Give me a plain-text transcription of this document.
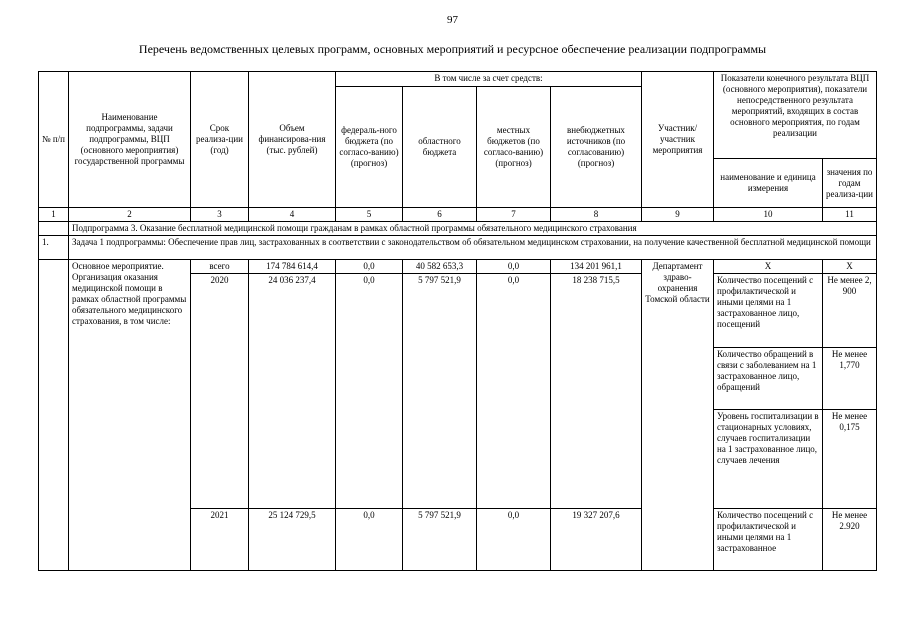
97
Перечень ведомственных целевых программ, основных мероприятий и ресурсное обеспечение реализации подпрограммы
№ п/п	Наименование подпрограммы, задачи подпрограммы, ВЦП (основного мероприятия) государственной программы	Срок реализа-ции (год)	Объем финансирова-ния (тыс. рублей)	В том числе за счет средств:				Участник/ участник мероприятия	Показатели конечного результата ВЦП (основного мероприятия), показатели непосредственного результата мероприятий, входящих в состав основного мероприятия, по годам реализации	
				федераль-ного бюджета (по согласо-ванию) (прогноз)	областного бюджета	местных бюджетов (по согласо-ванию) (прогноз)	внебюджетных источников (по согласованию) (прогноз)			
									наименование и единица измерения	значения по годам реализа-ции
1	2	3	4	5	6	7	8	9	10	11
	Подпрограмма 3. Оказание бесплатной медицинской помощи гражданам в рамках областной программы обязательного медицинского страхования									
1.	Задача 1 подпрограммы: Обеспечение прав лиц, застрахованных в соответствии с законодательством об обязательном медицинском страховании, на получение качественной бесплатной медицинской помощи									
	Основное мероприятие. Организация оказания медицинской помощи в рамках областной программы обязательного медицинского страхования, в том числе:	всего	174 784 614,4	0,0	40 582 653,3	0,0	134 201 961,1	Департамент здраво-охранения Томской области	Х	Х
		2020	24 036 237,4	0,0	5 797 521,9	0,0	18 238 715,5		Количество посещений с профилактической и иными целями на 1 застрахованное лицо, посещений	Не менее 2, 900
									Количество обращений в связи с заболеванием на 1 застрахованное лицо, обращений	Не менее 1,770
									Уровень госпитализации в стационарных условиях, случаев госпитализации на 1 застрахованное лицо, случаев лечения	Не менее 0,175
		2021	25 124 729,5	0,0	5 797 521,9	0,0	19 327 207,6		Количество посещений с профилактической и иными целями на 1 застрахованное	Не менее 2.920
